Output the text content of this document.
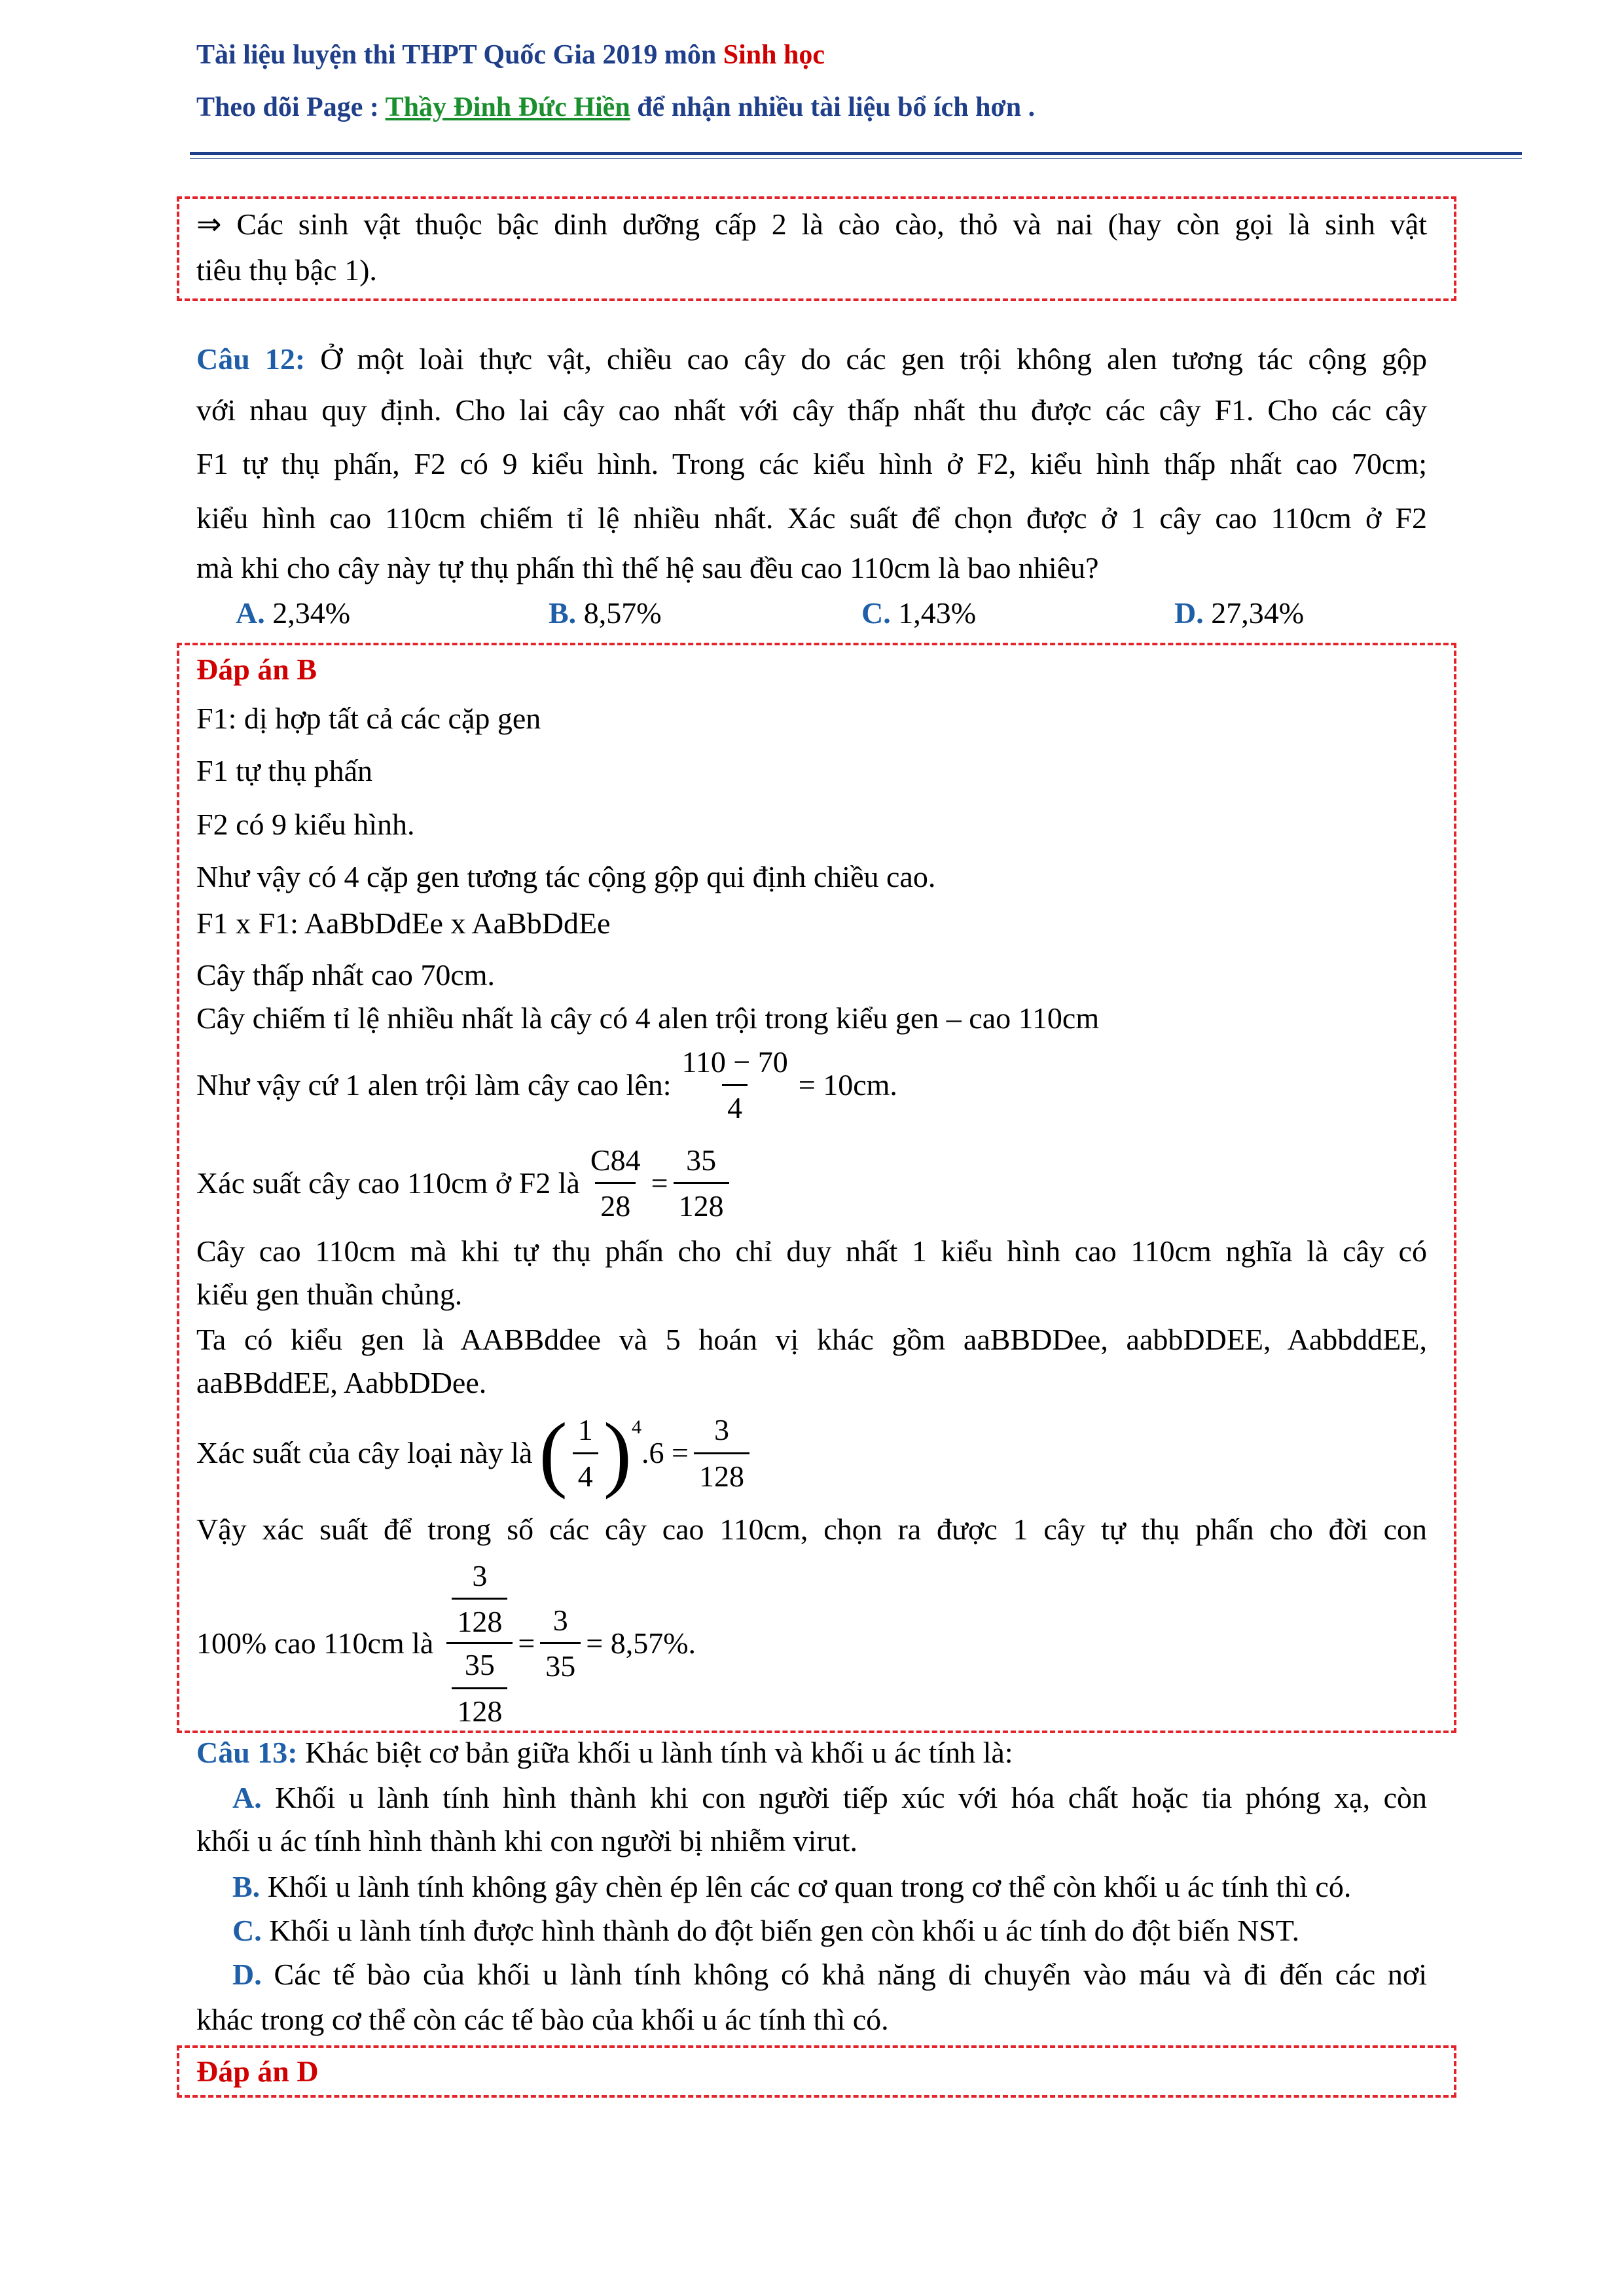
Tài liệu luyện thi THPT Quốc Gia 2019 môn Sinh học
Theo dõi Page : Thầy Đinh Đức Hiền để nhận nhiều tài liệu bổ ích hơn .
⇒ Các sinh vật thuộc bậc dinh dưỡng cấp 2 là cào cào, thỏ và nai (hay còn gọi là sinh vật
tiêu thụ bậc 1).
Câu 12: Ở một loài thực vật, chiều cao cây do các gen trội không alen tương tác cộng gộp
với nhau quy định. Cho lai cây cao nhất với cây thấp nhất thu được các cây F1. Cho các cây
F1 tự thụ phấn, F2 có 9 kiểu hình. Trong các kiểu hình ở F2, kiểu hình thấp nhất cao 70cm;
kiểu hình cao 110cm chiếm tỉ lệ nhiều nhất. Xác suất để chọn được ở 1 cây cao 110cm ở F2
mà khi cho cây này tự thụ phấn thì thế hệ sau đều cao 110cm là bao nhiêu?
A. 2,34%	B. 8,57%	C. 1,43%	D. 27,34%
Đáp án B
F1: dị hợp tất cả các cặp gen
F1 tự thụ phấn
F2 có 9 kiểu hình.
Như vậy có 4 cặp gen tương tác cộng gộp qui định chiều cao.
F1 x F1: AaBbDdEe x AaBbDdEe
Cây thấp nhất cao 70cm.
Cây chiếm tỉ lệ nhiều nhất là cây có 4 alen trội trong kiểu gen – cao 110cm
Như vậy cứ 1 alen trội làm cây cao lên: $\frac{110 - 70}{4} = 10cm$.
Xác suất cây cao 110cm ở F2 là $\frac{C84}{28} = \frac{35}{128}$
Cây cao 110cm mà khi tự thụ phấn cho chỉ duy nhất 1 kiểu hình cao 110cm nghĩa là cây có
kiểu gen thuần chủng.
Ta có kiểu gen là AABBddee và 5 hoán vị khác gồm aaBBDDee, aabbDDEE, AabbddEE,
aaBBddEE, AabbDDee.
Xác suất của cây loại này là ( $\frac{1}{4}$ ) 4
$.6 = \frac{3}{128}$
Vậy xác suất để trong số các cây cao 110cm, chọn ra được 1 cây tự thụ phấn cho đời con
100% cao 110cm là $\frac{\frac{3}{128}}{\frac{35}{128}} = \frac{3}{35} = 8,57\%$.
Câu 13: Khác biệt cơ bản giữa khối u lành tính và khối u ác tính là:
A. Khối u lành tính hình thành khi con người tiếp xúc với hóa chất hoặc tia phóng xạ, còn
khối u ác tính hình thành khi con người bị nhiễm virut.
B. Khối u lành tính không gây chèn ép lên các cơ quan trong cơ thể còn khối u ác tính thì có.
C. Khối u lành tính được hình thành do đột biến gen còn khối u ác tính do đột biến NST.
D. Các tế bào của khối u lành tính không có khả năng di chuyển vào máu và đi đến các nơi
khác trong cơ thể còn các tế bào của khối u ác tính thì có.
Đáp án D
